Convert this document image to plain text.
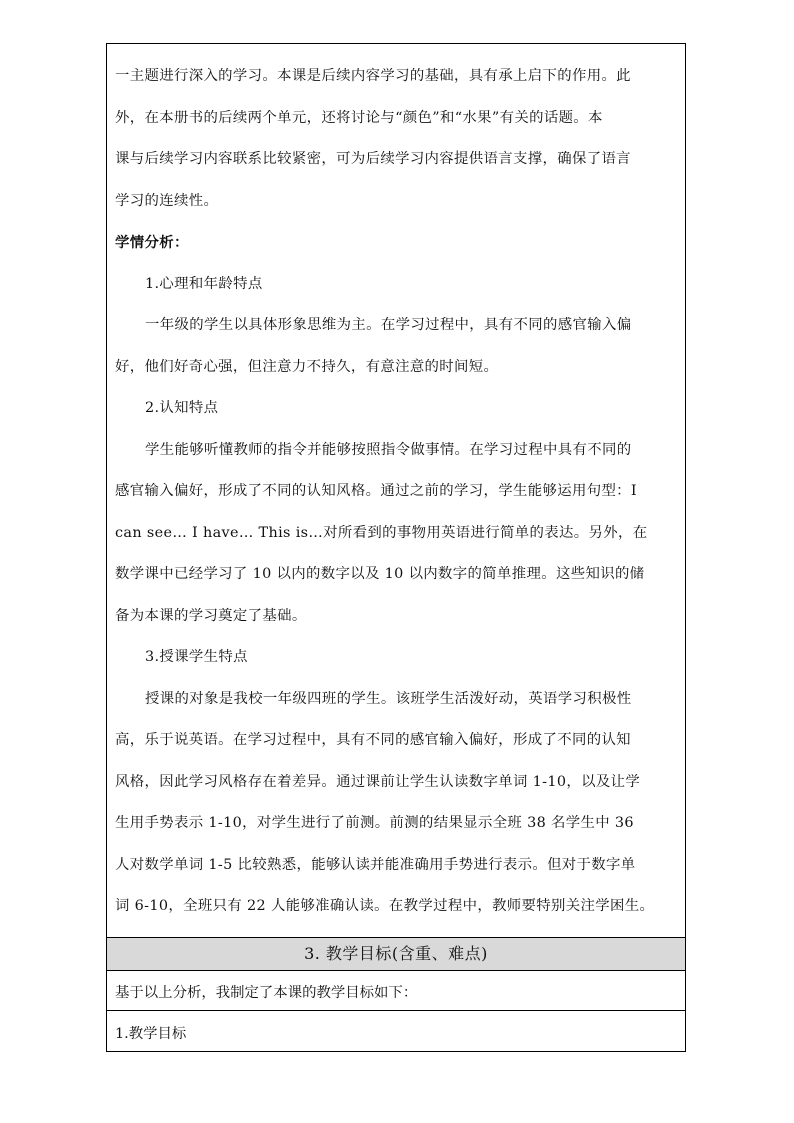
一主题进行深入的学习。本课是后续内容学习的基础，具有承上启下的作用。此
外，在本册书的后续两个单元，还将讨论与“颜色”和“水果”有关的话题。本
课与后续学习内容联系比较紧密，可为后续学习内容提供语言支撑，确保了语言
学习的连续性。
学情分析：
1.心理和年龄特点
一年级的学生以具体形象思维为主。在学习过程中，具有不同的感官输入偏
好，他们好奇心强，但注意力不持久，有意注意的时间短。
2.认知特点
学生能够听懂教师的指令并能够按照指令做事情。在学习过程中具有不同的
感官输入偏好，形成了不同的认知风格。通过之前的学习，学生能够运用句型：I
can see… I have… This is…对所看到的事物用英语进行简单的表达。另外，在
数学课中已经学习了 10 以内的数字以及 10 以内数字的简单推理。这些知识的储
备为本课的学习奠定了基础。
3.授课学生特点
授课的对象是我校一年级四班的学生。该班学生活泼好动，英语学习积极性
高，乐于说英语。在学习过程中，具有不同的感官输入偏好，形成了不同的认知
风格，因此学习风格存在着差异。通过课前让学生认读数字单词 1-10，以及让学
生用手势表示 1-10，对学生进行了前测。前测的结果显示全班 38 名学生中 36
人对数学单词 1-5 比较熟悉，能够认读并能准确用手势进行表示。但对于数字单
词 6-10，全班只有 22 人能够准确认读。在教学过程中，教师要特别关注学困生。
3. 教学目标(含重、难点)
基于以上分析，我制定了本课的教学目标如下：
1.教学目标
